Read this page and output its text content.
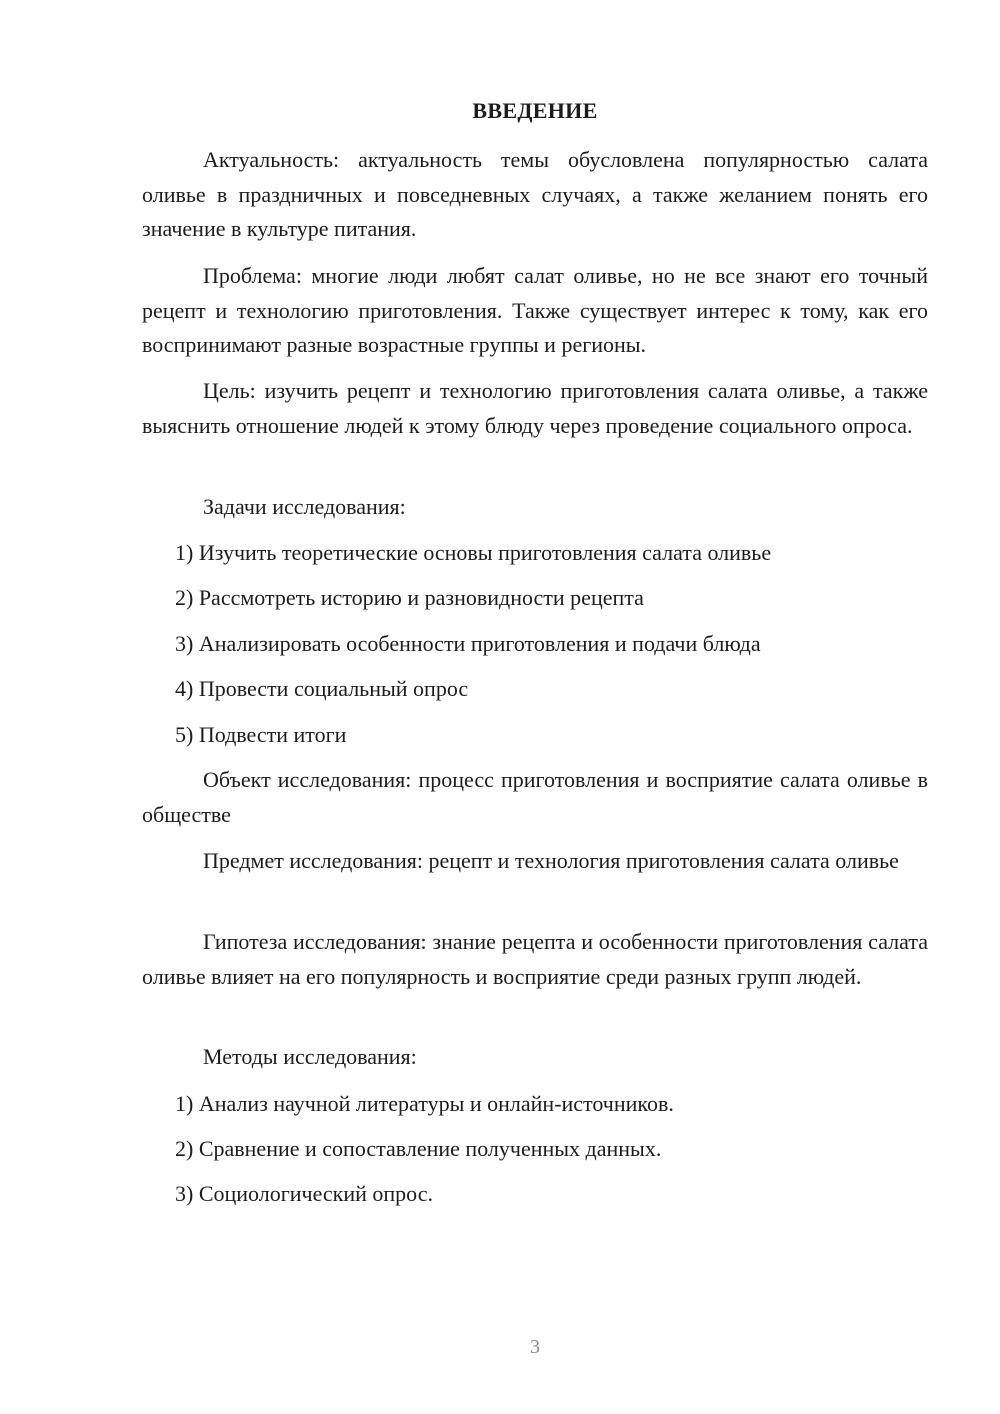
ВВЕДЕНИЕ

Актуальность: актуальность темы обусловлена популярностью салата оливье в праздничных и повседневных случаях, а также желанием понять его значение в культуре питания.

Проблема: многие люди любят салат оливье, но не все знают его точный рецепт и технологию приготовления. Также существует интерес к тому, как его воспринимают разные возрастные группы и регионы.

Цель: изучить рецепт и технологию приготовления салата оливье, а также выяснить отношение людей к этому блюду через проведение социального опроса.

Задачи исследования:

1) Изучить теоретические основы приготовления салата оливье

2) Рассмотреть историю и разновидности рецепта

3) Анализировать особенности приготовления и подачи блюда

4) Провести социальный опрос

5) Подвести итоги

Объект исследования: процесс приготовления и восприятие салата оливье в обществе

Предмет исследования: рецепт и технология приготовления салата оливье

Гипотеза исследования: знание рецепта и особенности приготовления салата оливье влияет на его популярность и восприятие среди разных групп людей.

Методы исследования:

1) Анализ научной литературы и онлайн-источников.

2) Сравнение и сопоставление полученных данных.

3) Социологический опрос.

3
